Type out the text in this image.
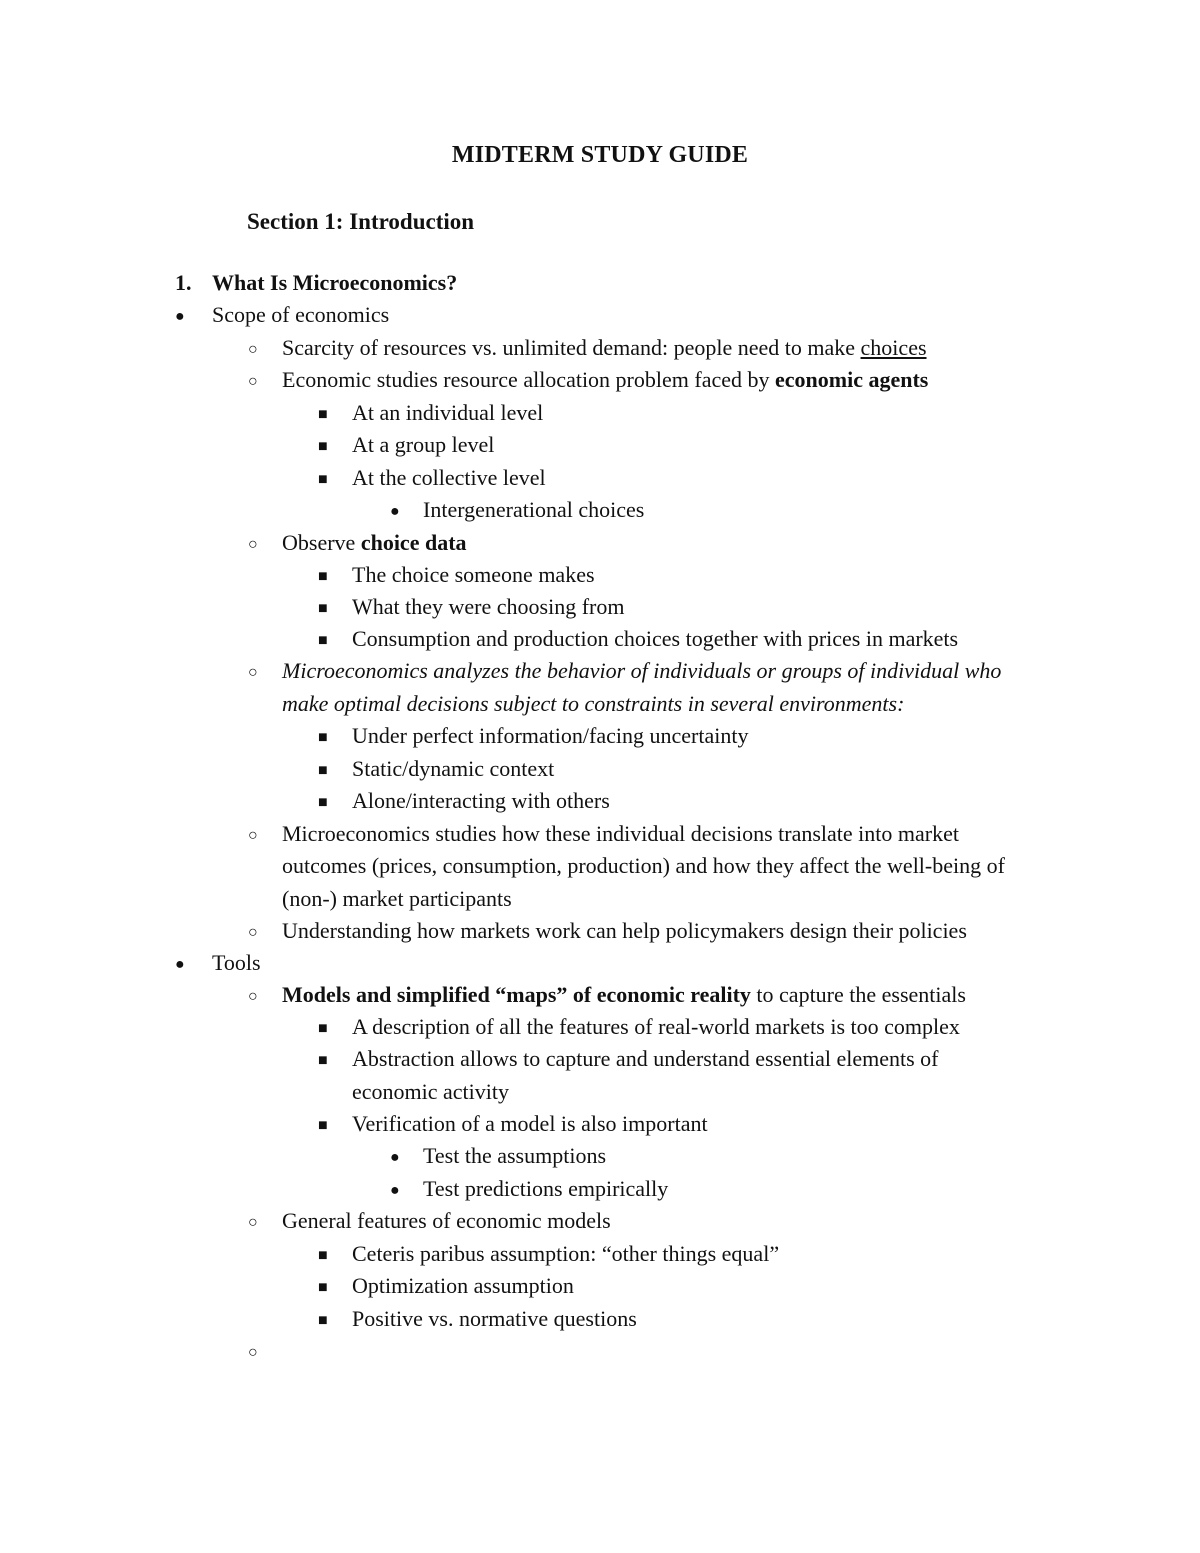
MIDTERM STUDY GUIDE
Section 1: Introduction
1. What Is Microeconomics?
● Scope of economics
○ Scarcity of resources vs. unlimited demand: people need to make choices
○ Economic studies resource allocation problem faced by economic agents
■ At an individual level
■ At a group level
■ At the collective level
● Intergenerational choices
○ Observe choice data
■ The choice someone makes
■ What they were choosing from
■ Consumption and production choices together with prices in markets
○ Microeconomics analyzes the behavior of individuals or groups of individual who
make optimal decisions subject to constraints in several environments:
■ Under perfect information/facing uncertainty
■ Static/dynamic context
■ Alone/interacting with others
○ Microeconomics studies how these individual decisions translate into market
outcomes (prices, consumption, production) and how they affect the well-being of
(non-) market participants
○ Understanding how markets work can help policymakers design their policies
● Tools
○ Models and simplified “maps” of economic reality to capture the essentials
■ A description of all the features of real-world markets is too complex
■ Abstraction allows to capture and understand essential elements of
economic activity
■ Verification of a model is also important
● Test the assumptions
● Test predictions empirically
○ General features of economic models
■ Ceteris paribus assumption: “other things equal”
■ Optimization assumption
■ Positive vs. normative questions
○
